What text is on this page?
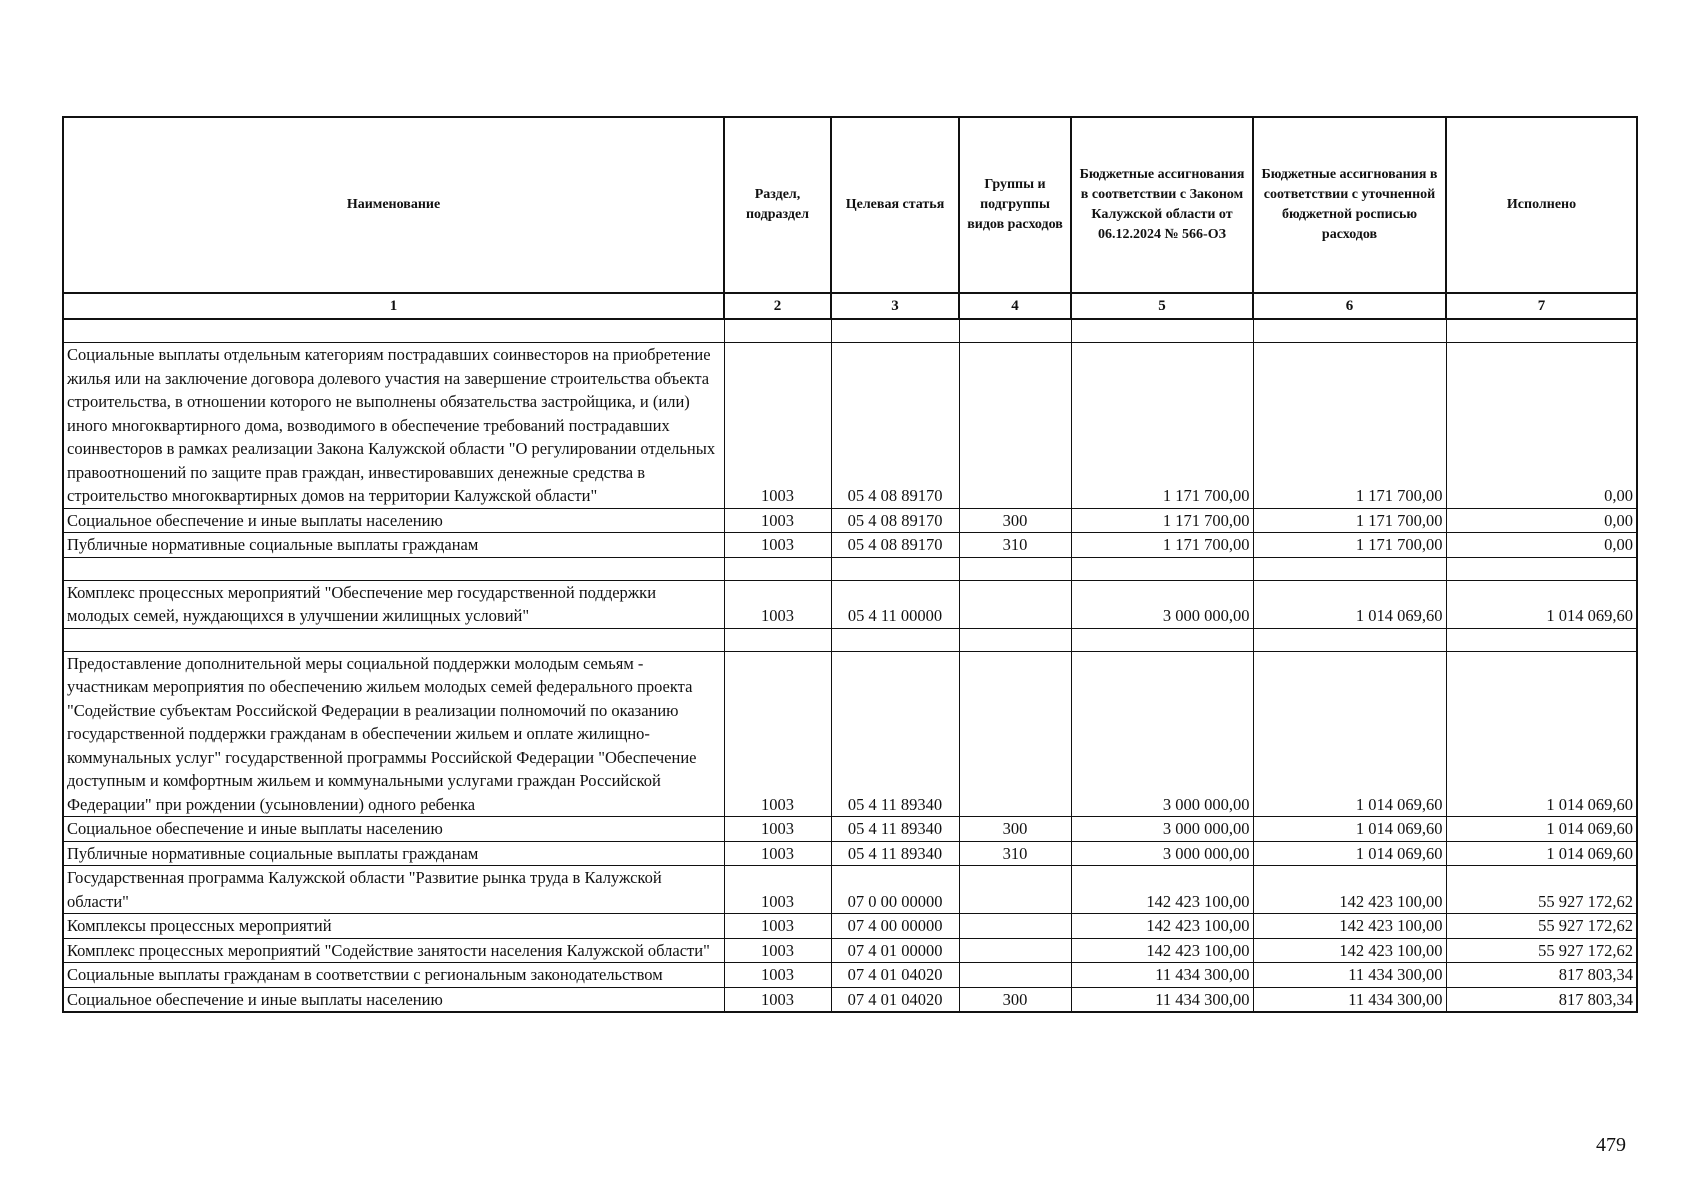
Наименование	Раздел, подраздел	Целевая статья	Группы и подгруппы видов расходов	Бюджетные ассигнования в соответствии с Законом Калужской области от 06.12.2024 № 566-ОЗ	Бюджетные ассигнования в соответствии с уточненной бюджетной росписью расходов	Исполнено
1	2	3	4	5	6	7

Социальные выплаты отдельным категориям пострадавших соинвесторов на приобретение жилья или на заключение договора долевого участия на завершение строительства объекта строительства, в отношении которого не выполнены обязательства застройщика, и (или) иного многоквартирного дома, возводимого в обеспечение требований пострадавших соинвесторов в рамках реализации Закона Калужской области "О регулировании отдельных правоотношений по защите прав граждан, инвестировавших денежные средства в строительство многоквартирных домов на территории Калужской области"	1003	05 4 08 89170		1 171 700,00	1 171 700,00	0,00
Социальное обеспечение и иные выплаты населению	1003	05 4 08 89170	300	1 171 700,00	1 171 700,00	0,00
Публичные нормативные социальные выплаты гражданам	1003	05 4 08 89170	310	1 171 700,00	1 171 700,00	0,00

Комплекс процессных мероприятий "Обеспечение мер государственной поддержки молодых семей, нуждающихся в улучшении жилищных условий"	1003	05 4 11 00000		3 000 000,00	1 014 069,60	1 014 069,60

Предоставление дополнительной меры социальной поддержки молодым семьям - участникам мероприятия по обеспечению жильем молодых семей федерального проекта "Содействие субъектам Российской Федерации в реализации полномочий по оказанию государственной поддержки гражданам в обеспечении жильем и оплате жилищно-коммунальных услуг" государственной программы Российской Федерации "Обеспечение доступным и комфортным жильем и коммунальными услугами граждан Российской Федерации" при рождении (усыновлении) одного ребенка	1003	05 4 11 89340		3 000 000,00	1 014 069,60	1 014 069,60
Социальное обеспечение и иные выплаты населению	1003	05 4 11 89340	300	3 000 000,00	1 014 069,60	1 014 069,60
Публичные нормативные социальные выплаты гражданам	1003	05 4 11 89340	310	3 000 000,00	1 014 069,60	1 014 069,60
Государственная программа Калужской области "Развитие рынка труда в Калужской области"	1003	07 0 00 00000		142 423 100,00	142 423 100,00	55 927 172,62
Комплексы процессных мероприятий	1003	07 4 00 00000		142 423 100,00	142 423 100,00	55 927 172,62
Комплекс процессных мероприятий "Содействие занятости населения Калужской области"	1003	07 4 01 00000		142 423 100,00	142 423 100,00	55 927 172,62
Социальные выплаты гражданам в соответствии с региональным законодательством	1003	07 4 01 04020		11 434 300,00	11 434 300,00	817 803,34
Социальное обеспечение и иные выплаты населению	1003	07 4 01 04020	300	11 434 300,00	11 434 300,00	817 803,34
479
